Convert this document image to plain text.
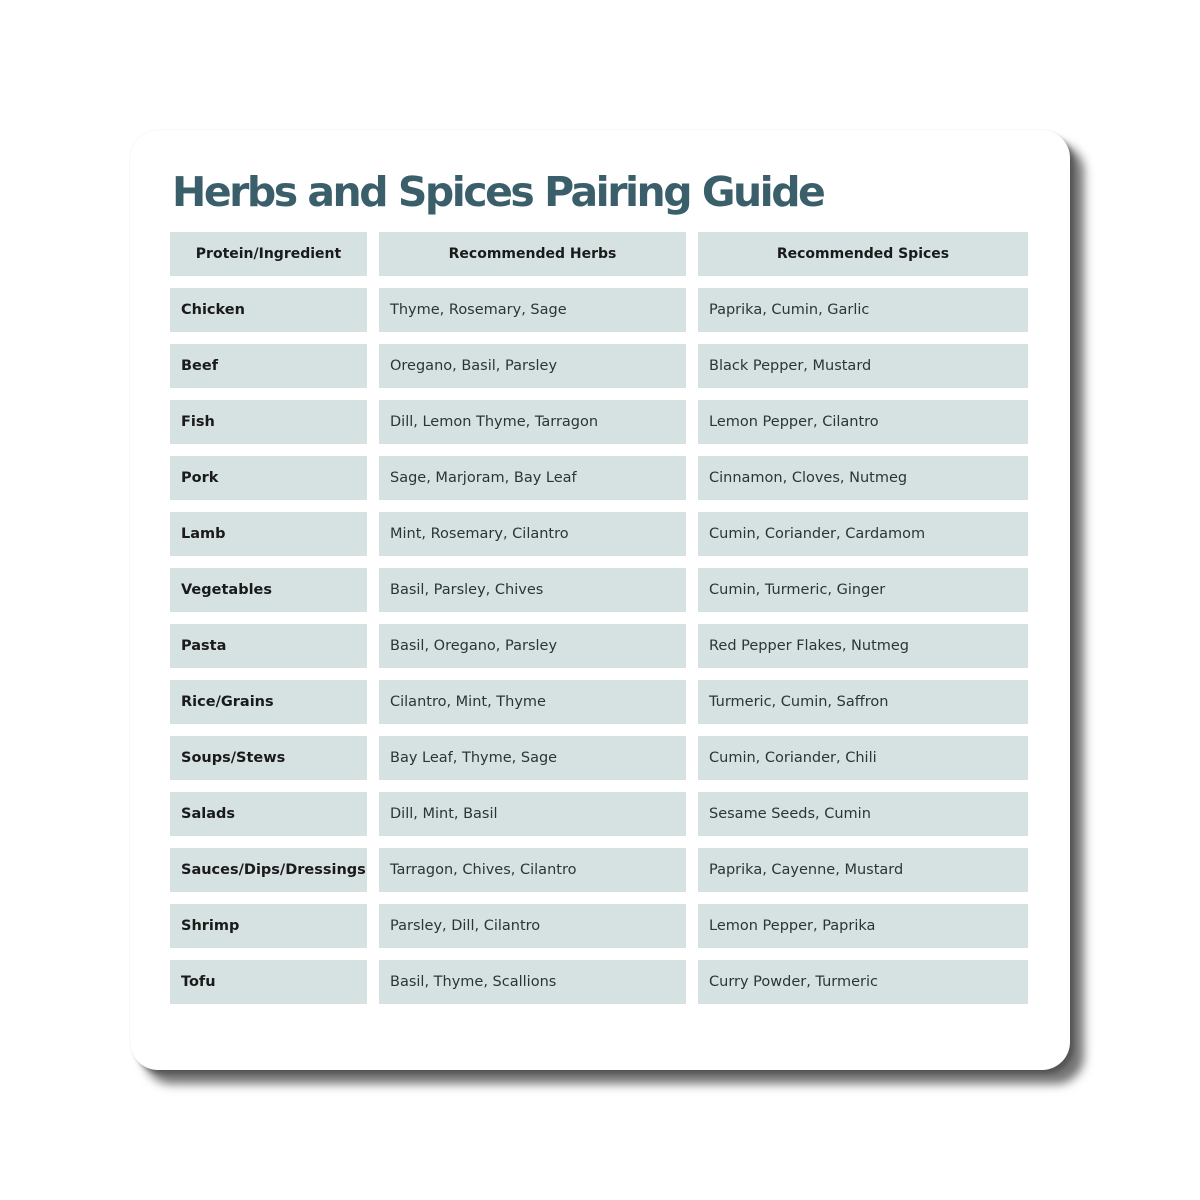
Herbs and Spices Pairing Guide
Protein/Ingredient	Recommended Herbs	Recommended Spices
Chicken	Thyme, Rosemary, Sage	Paprika, Cumin, Garlic
Beef	Oregano, Basil, Parsley	Black Pepper, Mustard
Fish	Dill, Lemon Thyme, Tarragon	Lemon Pepper, Cilantro
Pork	Sage, Marjoram, Bay Leaf	Cinnamon, Cloves, Nutmeg
Lamb	Mint, Rosemary, Cilantro	Cumin, Coriander, Cardamom
Vegetables	Basil, Parsley, Chives	Cumin, Turmeric, Ginger
Pasta	Basil, Oregano, Parsley	Red Pepper Flakes, Nutmeg
Rice/Grains	Cilantro, Mint, Thyme	Turmeric, Cumin, Saffron
Soups/Stews	Bay Leaf, Thyme, Sage	Cumin, Coriander, Chili
Salads	Dill, Mint, Basil	Sesame Seeds, Cumin
Sauces/Dips/Dressings	Tarragon, Chives, Cilantro	Paprika, Cayenne, Mustard
Shrimp	Parsley, Dill, Cilantro	Lemon Pepper, Paprika
Tofu	Basil, Thyme, Scallions	Curry Powder, Turmeric
